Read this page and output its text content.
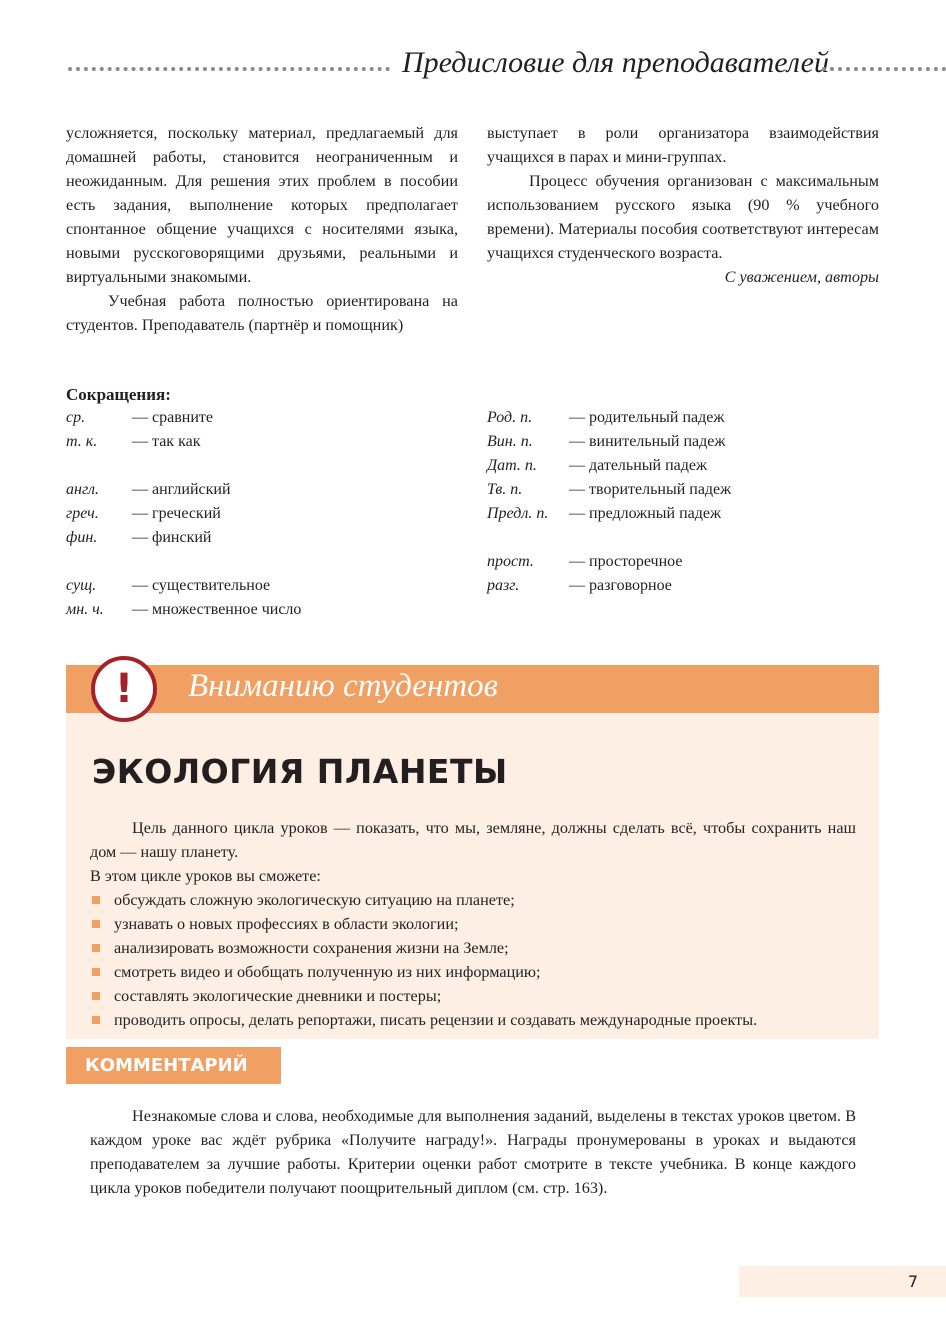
Предисловие для преподавателей

усложняется, поскольку материал, предлагаемый для домашней работы, становится неограниченным и неожиданным. Для решения этих проблем в пособии есть задания, выполнение которых предполагает спонтанное общение учащихся с носителями языка, новыми русскоговорящими друзьями, реальными и виртуальными знакомыми.

Учебная работа полностью ориентирована на студентов. Преподаватель (партнёр и помощник)

выступает в роли организатора взаимодействия учащихся в парах и мини-группах.

Процесс обучения организован с максимальным использованием русского языка (90 % учебного времени). Материалы пособия соответствуют интересам учащихся студенческого возраста.

С уважением, авторы

Сокращения:
ср.	— сравните
т. к. — так как
англ. — английский
греч. — греческий
фин. — финский
сущ. — существительное
мн. ч. — множественное число
Род. п. — родительный падеж
Вин. п. — винительный падеж
Дат. п. — дательный падеж
Тв. п.	— творительный падеж
Предл. п. — предложный падеж
прост. — просторечное
разг.	— разговорное
Вниманию студентов
!
ЭКОЛОГИЯ ПЛАНЕТЫ

Цель данного цикла уроков — показать, что мы, земляне, должны сделать всё, чтобы сохранить наш дом — нашу планету.

В этом цикле уроков вы сможете:

обсуждать сложную экологическую ситуацию на планете;
узнавать о новых профессиях в области экологии;
анализировать возможности сохранения жизни на Земле;
смотреть видео и обобщать полученную из них информацию;
составлять экологические дневники и постеры;
проводить опросы, делать репортажи, писать рецензии и создавать международные проекты.
КОММЕНТАРИЙ

Незнакомые слова и слова, необходимые для выполнения заданий, выделены в текстах уроков цветом. В каждом уроке вас ждёт рубрика «Получите награду!». Награды пронумерованы в уроках и выдаются преподавателем за лучшие работы. Критерии оценки работ смотрите в тексте учебника. В конце каждого цикла уроков победители получают поощрительный диплом (см. стр. 163).

7
